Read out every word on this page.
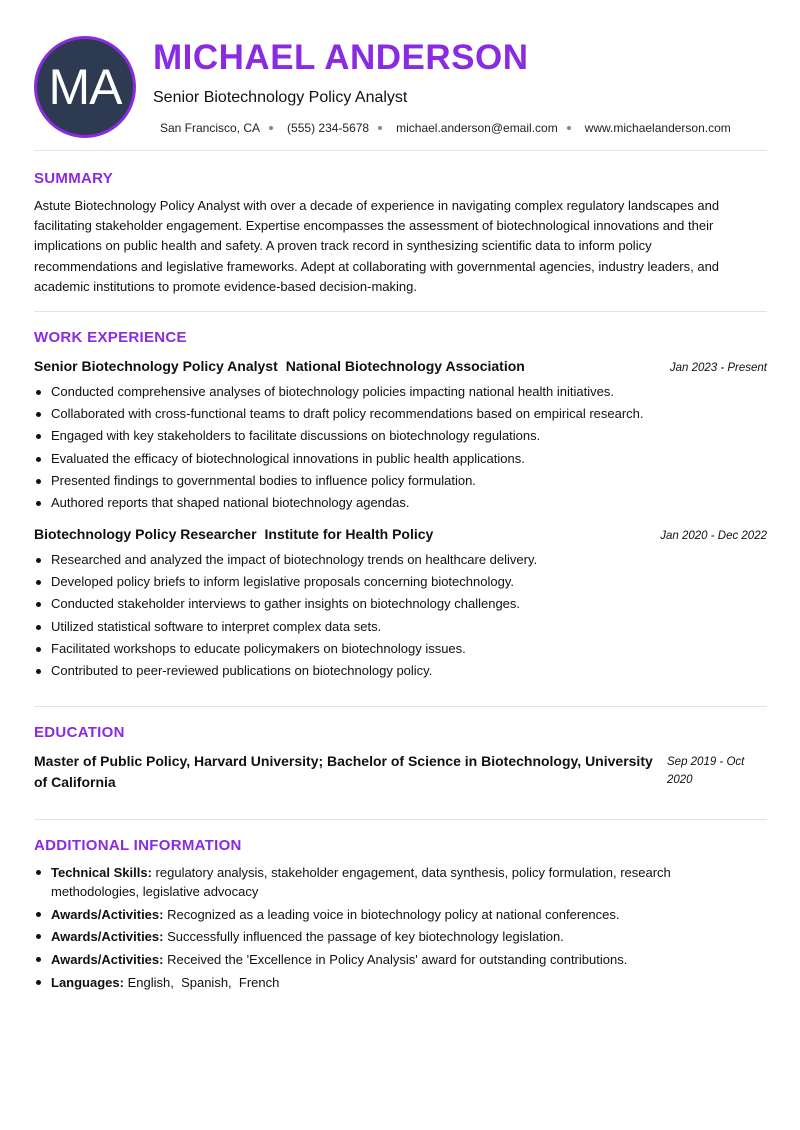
MA
MICHAEL ANDERSON
Senior Biotechnology Policy Analyst
San Francisco, CA (555) 234-5678 michael.anderson@email.com www.michaelanderson.com
SUMMARY
Astute Biotechnology Policy Analyst with over a decade of experience in navigating complex regulatory landscapes and facilitating stakeholder engagement. Expertise encompasses the assessment of biotechnological innovations and their implications on public health and safety. A proven track record in synthesizing scientific data to inform policy recommendations and legislative frameworks. Adept at collaborating with governmental agencies, industry leaders, and academic institutions to promote evidence-based decision-making.
WORK EXPERIENCE
Senior Biotechnology Policy Analyst National Biotechnology Association	Jan 2023 - Present
Conducted comprehensive analyses of biotechnology policies impacting national health initiatives.
Collaborated with cross-functional teams to draft policy recommendations based on empirical research.
Engaged with key stakeholders to facilitate discussions on biotechnology regulations.
Evaluated the efficacy of biotechnological innovations in public health applications.
Presented findings to governmental bodies to influence policy formulation.
Authored reports that shaped national biotechnology agendas.
Biotechnology Policy Researcher Institute for Health Policy	Jan 2020 - Dec 2022
Researched and analyzed the impact of biotechnology trends on healthcare delivery.
Developed policy briefs to inform legislative proposals concerning biotechnology.
Conducted stakeholder interviews to gather insights on biotechnology challenges.
Utilized statistical software to interpret complex data sets.
Facilitated workshops to educate policymakers on biotechnology issues.
Contributed to peer-reviewed publications on biotechnology policy.
EDUCATION
Master of Public Policy, Harvard University; Bachelor of Science in Biotechnology, University of California
Sep 2019 - Oct 2020
ADDITIONAL INFORMATION
Technical Skills: regulatory analysis, stakeholder engagement, data synthesis, policy formulation, research methodologies, legislative advocacy
Awards/Activities: Recognized as a leading voice in biotechnology policy at national conferences.
Awards/Activities: Successfully influenced the passage of key biotechnology legislation.
Awards/Activities: Received the 'Excellence in Policy Analysis' award for outstanding contributions.
Languages: English,  Spanish,  French
